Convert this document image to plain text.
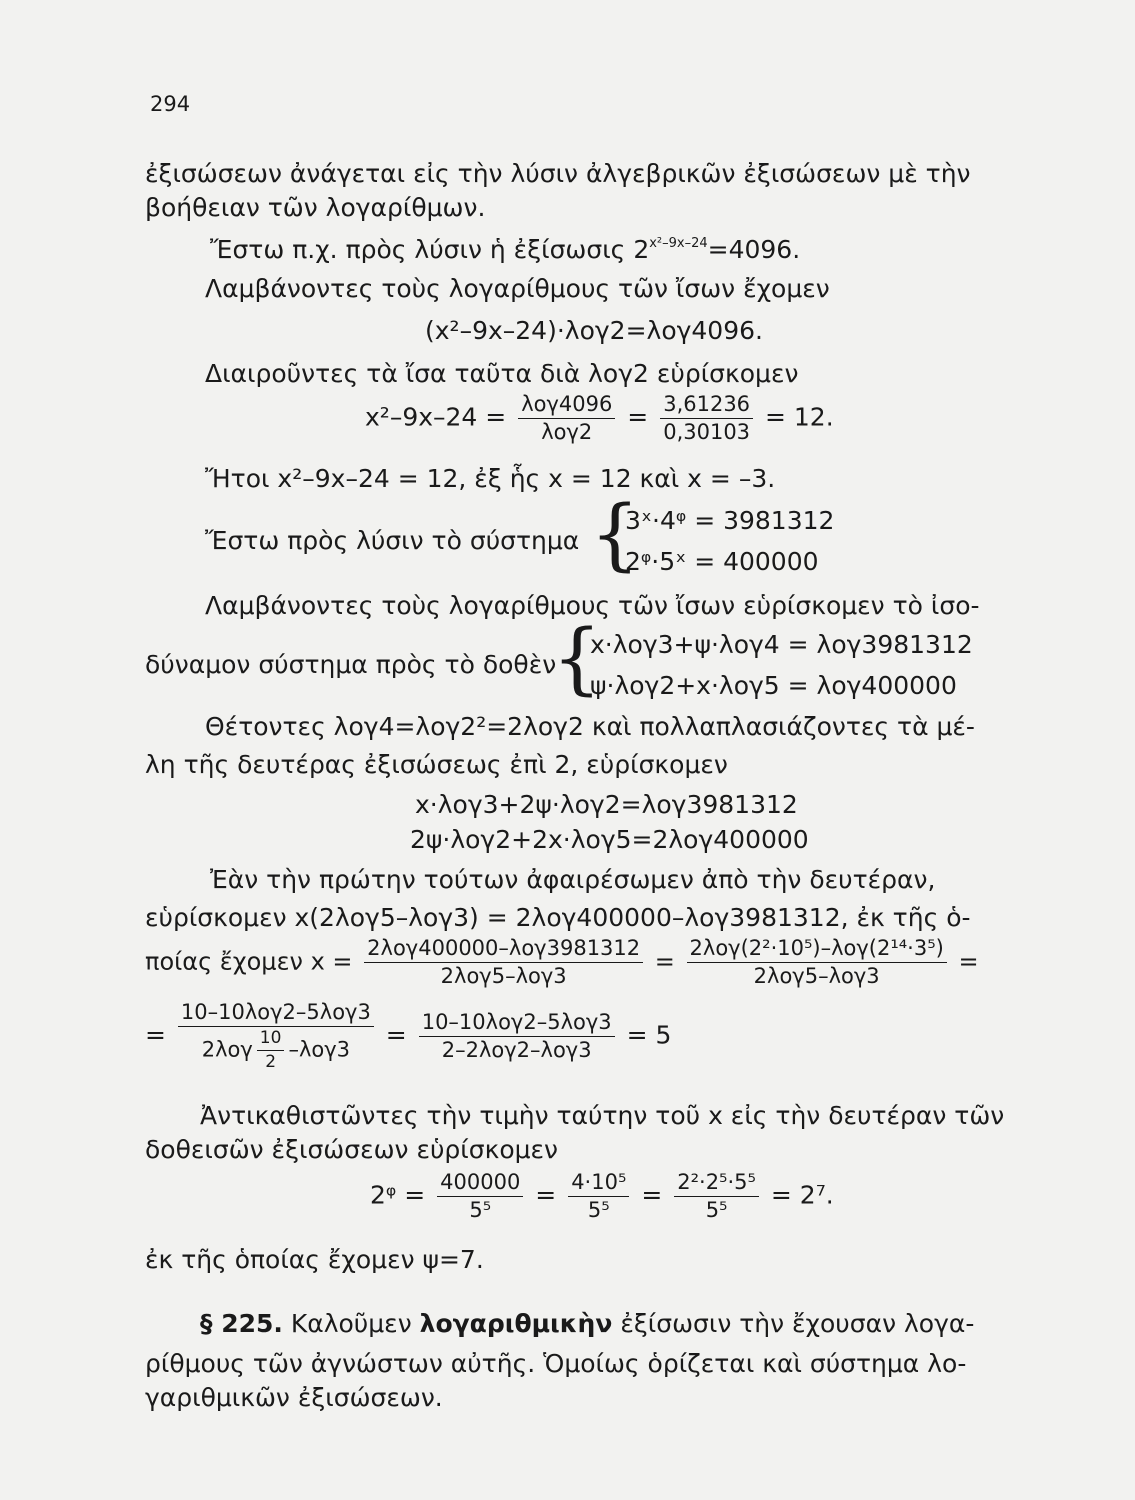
294
ἐξισώσεων ἀνάγεται εἰς τὴν λύσιν ἀλγεβρικῶν ἐξισώσεων μὲ τὴν
βοήθειαν τῶν λογαρίθμων.
Ἔστω π.χ. πρὸς λύσιν ἡ ἐξίσωσις $2^{x^2-9x-24}=4096$.
Λαμβάνοντες τοὺς λογαρίθμους τῶν ἴσων ἔχομεν
(x²–9x–24)·λογ2=λογ4096.
Διαιροῦντες τὰ ἴσα ταῦτα διὰ λογ2 εὑρίσκομεν
$x^2-9x-24 = \frac{\text{λογ4096}}{\text{λογ2}} = \frac{3,61236}{0,30103} = 12$.
Ἤτοι x²–9x–24 = 12, ἐξ ἧς x = 12 καὶ x = –3.
Ἔστω πρὸς λύσιν τὸ σύστημα {
3ˣ·4ᵠ = 3981312
2ᵠ·5ˣ = 400000
Λαμβάνοντες τοὺς λογαρίθμους τῶν ἴσων εὑρίσκομεν τὸ ἰσο-
δύναμον σύστημα πρὸς τὸ δοθὲν
{
x·λογ3+ψ·λογ4 = λογ3981312
ψ·λογ2+x·λογ5 = λογ400000
Θέτοντες λογ4=λογ2²=2λογ2 καὶ πολλαπλασιάζοντες τὰ μέ-
λη τῆς δευτέρας ἐξισώσεως ἐπὶ 2, εὑρίσκομεν
x·λογ3+2ψ·λογ2=λογ3981312
2ψ·λογ2+2x·λογ5=2λογ400000
Ἐὰν τὴν πρώτην τούτων ἀφαιρέσωμεν ἀπὸ τὴν δευτέραν,
εὑρίσκομεν x(2λογ5–λογ3) = 2λογ400000–λογ3981312, ἐκ τῆς ὁ-
ποίας ἔχομεν $x = \frac{\text{2λογ400000–λογ3981312}}{\text{2λογ5–λογ3}} = \frac{\text{2λογ(2²·10⁵)–λογ(2¹⁴·3⁵)}}{\text{2λογ5–λογ3}}$ =
= $\frac{\text{10–10λογ2–5λογ3}}{2\lambda o\gamma \frac{10}{2} -\lambda o\gamma 3} = \frac{\text{10–10λογ2–5λογ3}}{\text{2–2λογ2–λογ3}} = 5$
Ἀντικαθιστῶντες τὴν τιμὴν ταύτην τοῦ x εἰς τὴν δευτέραν τῶν
δοθεισῶν ἐξισώσεων εὑρίσκομεν
2ᵠ = $\frac{400000}{\text{5⁵}} = \frac{\text{4·10⁵}}{\text{5⁵}} = \frac{\text{2²·2⁵·5⁵}}{\text{5⁵}} = 2^7$.
ἐκ τῆς ὁποίας ἔχομεν ψ=7.
§ 225. Καλοῦμεν λογαριθμικὴν ἐξίσωσιν τὴν ἔχουσαν λογα-
ρίθμους τῶν ἀγνώστων αὐτῆς. Ὁμοίως ὁρίζεται καὶ σύστημα λο-
γαριθμικῶν ἐξισώσεων.
